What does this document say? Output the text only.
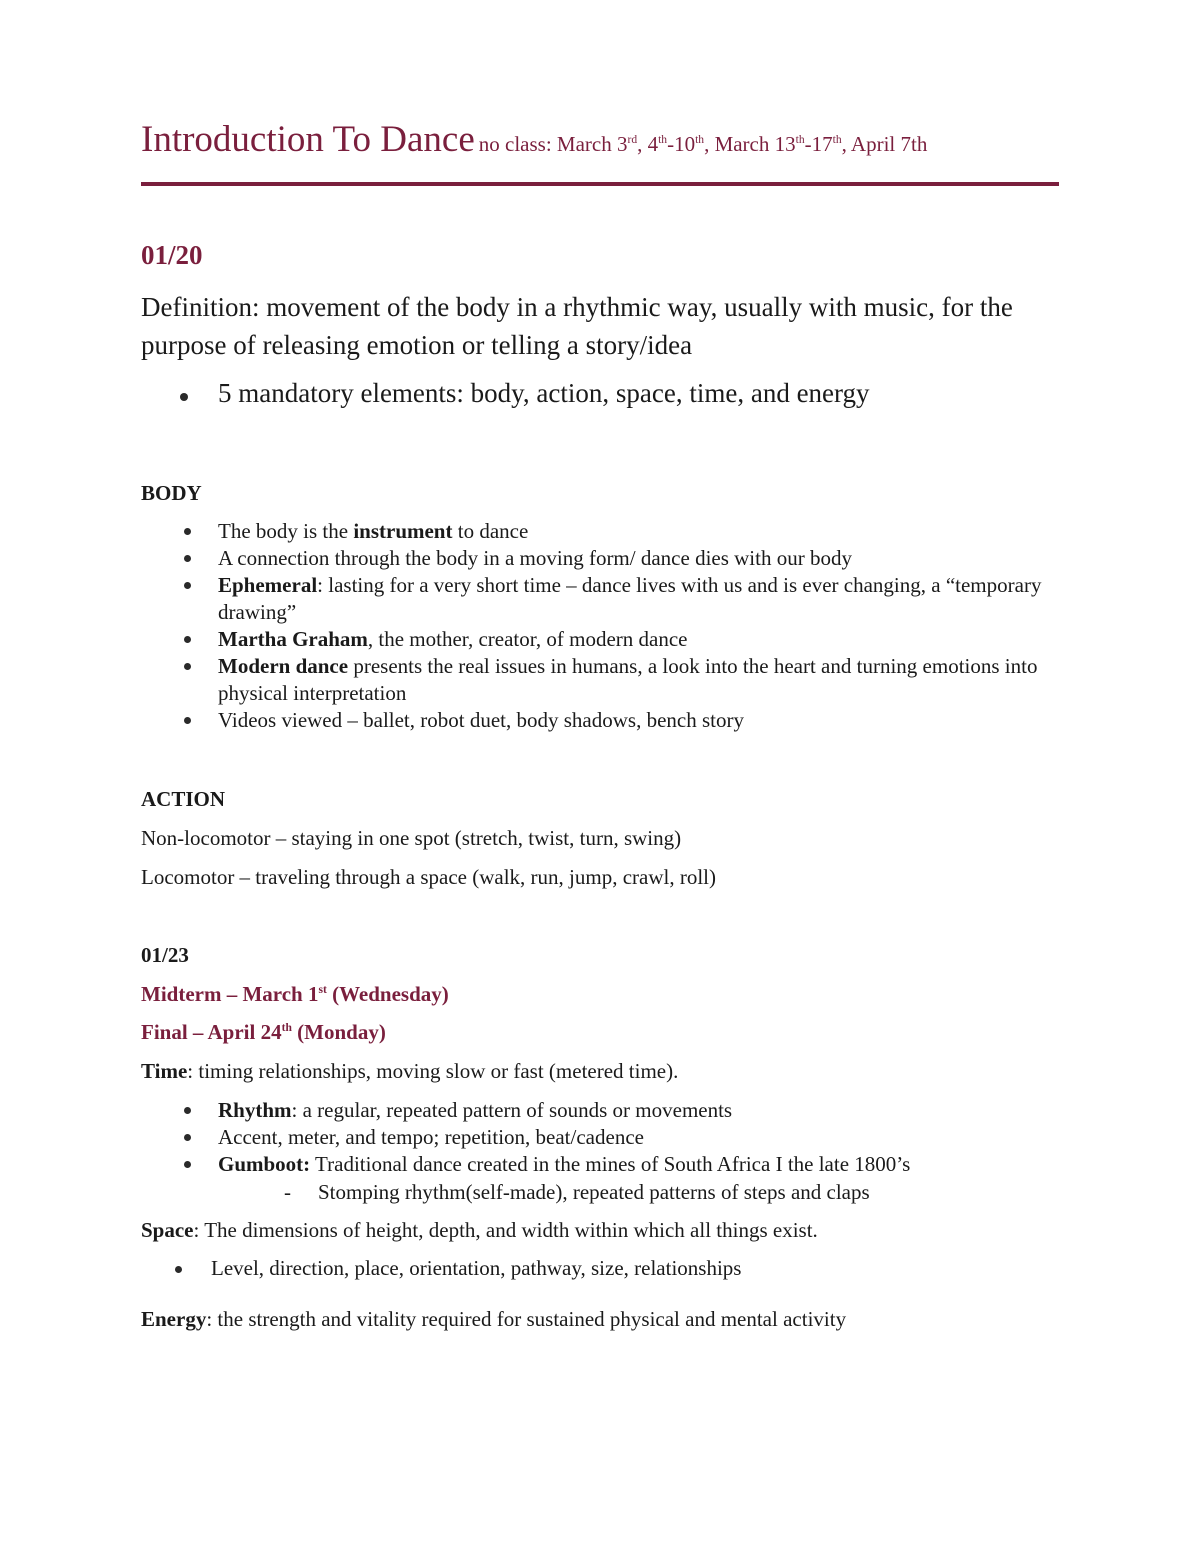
Introduction To Dance no class: March 3rd, 4th-10th, March 13th-17th, April 7th
01/20
Definition: movement of the body in a rhythmic way, usually with music, for the purpose of releasing emotion or telling a story/idea
5 mandatory elements: body, action, space, time, and energy
BODY
The body is the instrument to dance
A connection through the body in a moving form/ dance dies with our body
Ephemeral: lasting for a very short time – dance lives with us and is ever changing, a “temporary drawing”
Martha Graham, the mother, creator, of modern dance
Modern dance presents the real issues in humans, a look into the heart and turning emotions into physical interpretation
Videos viewed – ballet, robot duet, body shadows, bench story
ACTION
Non-locomotor – staying in one spot (stretch, twist, turn, swing)
Locomotor – traveling through a space (walk, run, jump, crawl, roll)
01/23
Midterm – March 1st (Wednesday)
Final – April 24th (Monday)
Time: timing relationships, moving slow or fast (metered time).
Rhythm: a regular, repeated pattern of sounds or movements
Accent, meter, and tempo; repetition, beat/cadence
Gumboot: Traditional dance created in the mines of South Africa I the late 1800’s
- Stomping rhythm(self-made), repeated patterns of steps and claps
Space: The dimensions of height, depth, and width within which all things exist.
Level, direction, place, orientation, pathway, size, relationships
Energy: the strength and vitality required for sustained physical and mental activity
